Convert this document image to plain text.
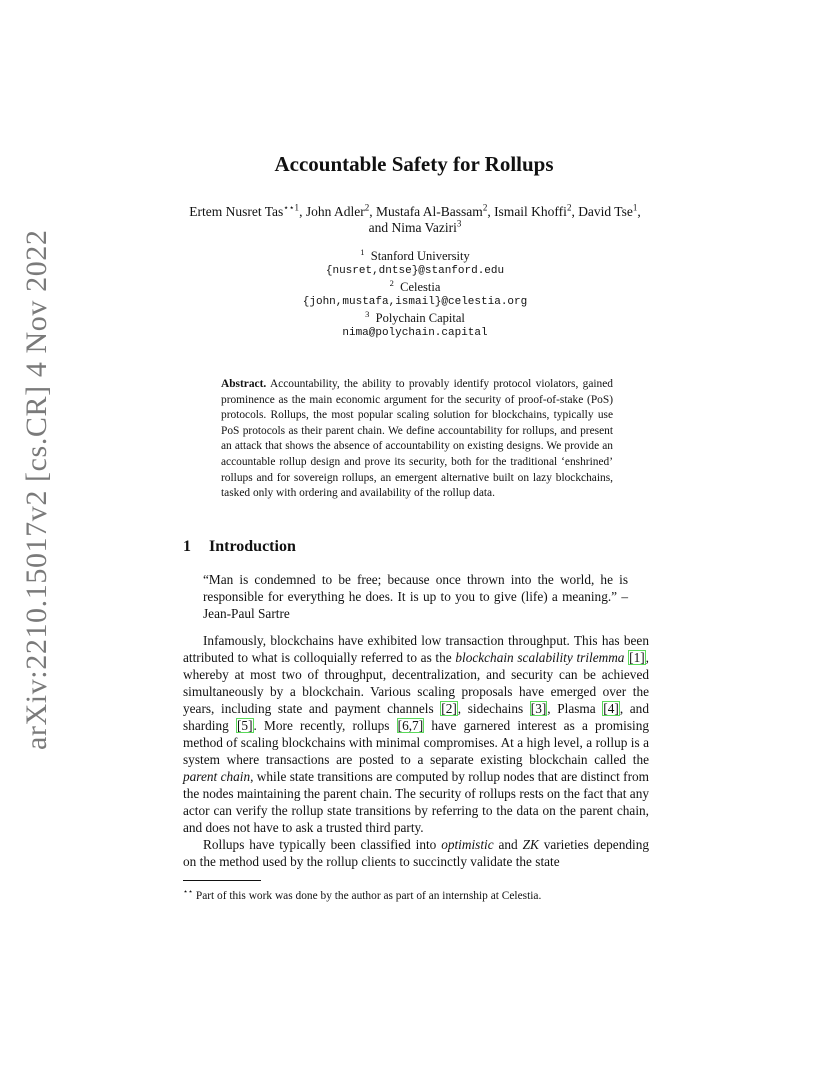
arXiv:2210.15017v2 [cs.CR] 4 Nov 2022
Accountable Safety for Rollups
Ertem Nusret Tas$^{⋆⋆1}$, John Adler$^2$, Mustafa Al-Bassam$^2$, Ismail Khoffi$^2$, David Tse$^1$, and Nima Vaziri$^3$
$^1$ Stanford University
{nusret,dntse}@stanford.edu
$^2$ Celestia
{john,mustafa,ismail}@celestia.org
$^3$ Polychain Capital
nima@polychain.capital
Abstract. Accountability, the ability to provably identify protocol violators, gained prominence as the main economic argument for the security of proof-of-stake (PoS) protocols. Rollups, the most popular scaling solution for blockchains, typically use PoS protocols as their parent chain. We define accountability for rollups, and present an attack that shows the absence of accountability on existing designs. We provide an accountable rollup design and prove its security, both for the traditional ‘enshrined’ rollups and for sovereign rollups, an emergent alternative built on lazy blockchains, tasked only with ordering and availability of the rollup data.
1 Introduction
“Man is condemned to be free; because once thrown into the world, he is responsible for everything he does. It is up to you to give (life) a meaning.” – Jean-Paul Sartre

Infamously, blockchains have exhibited low transaction throughput. This has been attributed to what is colloquially referred to as the blockchain scalability trilemma [1], whereby at most two of throughput, decentralization, and security can be achieved simultaneously by a blockchain. Various scaling proposals have emerged over the years, including state and payment channels [2], sidechains [3], Plasma [4], and sharding [5]. More recently, rollups [6,7] have garnered interest as a promising method of scaling blockchains with minimal compromises. At a high level, a rollup is a system where transactions are posted to a separate existing blockchain called the parent chain, while state transitions are computed by rollup nodes that are distinct from the nodes maintaining the parent chain. The security of rollups rests on the fact that any actor can verify the rollup state transitions by referring to the data on the parent chain, and does not have to ask a trusted third party.

Rollups have typically been classified into optimistic and ZK varieties depending on the method used by the rollup clients to succinctly validate the state

⋆⋆ Part of this work was done by the author as part of an internship at Celestia.
